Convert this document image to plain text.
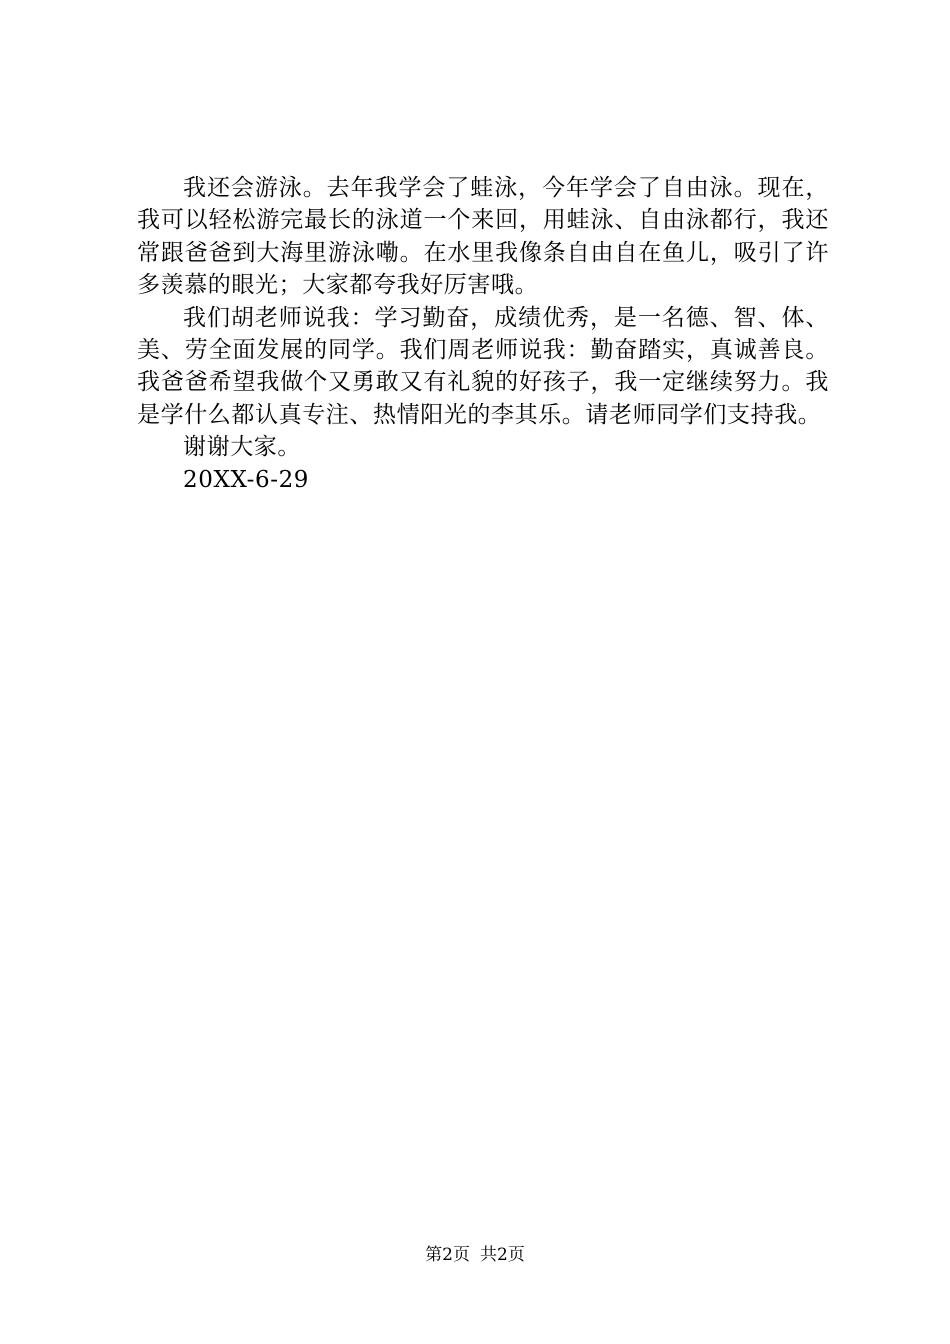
我还会游泳。去年我学会了蛙泳，今年学会了自由泳。现在，我可以轻松游完最长的泳道一个来回，用蛙泳、自由泳都行，我还常跟爸爸到大海里游泳嘞。在水里我像条自由自在鱼儿，吸引了许多羡慕的眼光；大家都夸我好厉害哦。

我们胡老师说我：学习勤奋，成绩优秀，是一名德、智、体、美、劳全面发展的同学。我们周老师说我：勤奋踏实，真诚善良。我爸爸希望我做个又勇敢又有礼貌的好孩子，我一定继续努力。我是学什么都认真专注、热情阳光的李其乐。请老师同学们支持我。

谢谢大家。

20XX-6-29

第2页 共2页
